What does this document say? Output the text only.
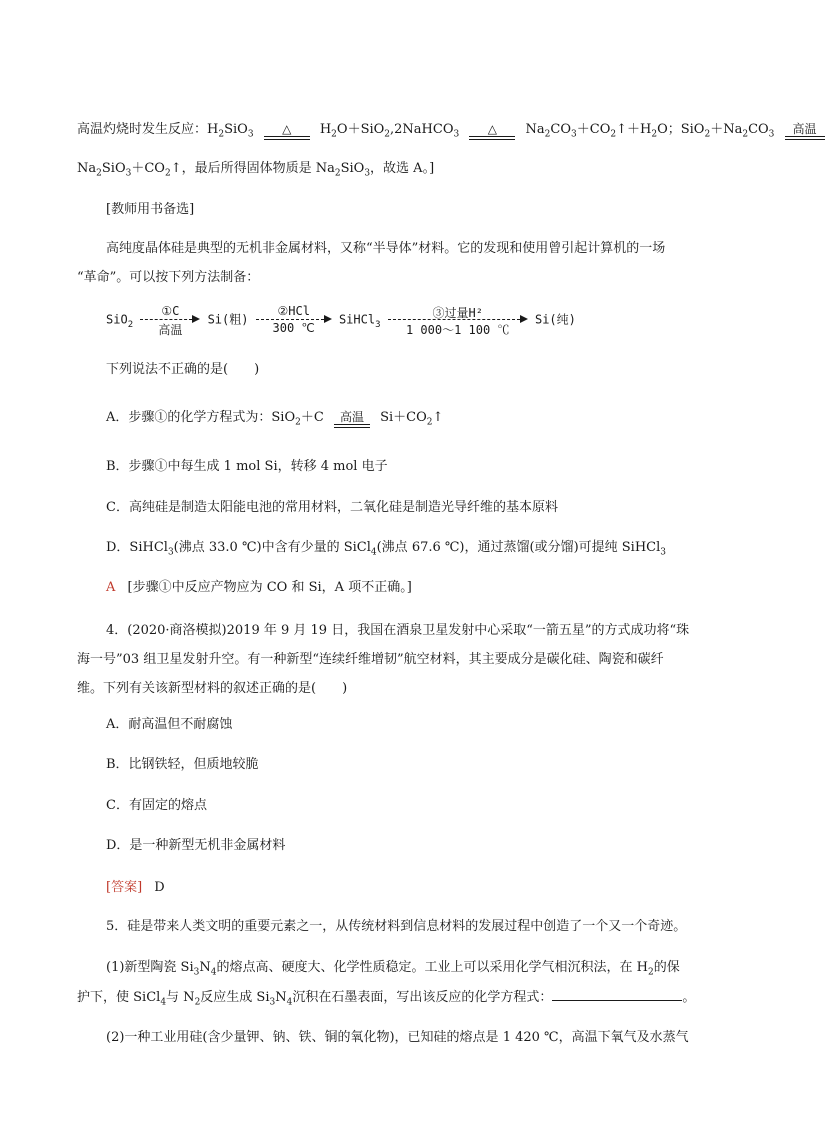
高温灼烧时发生反应：$H_2SiO_3$	△	$H_2O+SiO_2,2NaHCO_3$	△	$Na_2CO_3+CO_2↑+H_2O$；$SiO_2+Na_2CO_3$	高温
$Na_2SiO_3+CO_2↑$，最后所得固体物质是 $Na_2SiO_3$，故选 A。]
[教师用书备选]
高纯度晶体硅是典型的无机非金属材料，又称“半导体”材料。它的发现和使用曾引起计算机的一场
“革命”。可以按下列方法制备：
SiO$_2$
①C
高温
Si(粗)
②HCl
300 ℃
SiHCl$_3$
③过量H²
1 000～1 100 ℃
Si(纯)
下列说法不正确的是(　　)
A．步骤①的化学方程式为：SiO$_2$＋C	高温	$Si+CO_2↑$
B．步骤①中每生成 1 mol Si，转移 4 mol 电子
C．高纯硅是制造太阳能电池的常用材料，二氧化硅是制造光导纤维的基本原料
D．SiHCl$_3$(沸点 33.0 ℃)中含有少量的 SiCl$_4$(沸点 67.6 ℃)，通过蒸馏(或分馏)可提纯 SiHCl$_3$
A [步骤①中反应产物应为 CO 和 Si，A 项不正确。]
4．(2020·商洛模拟)2019 年 9 月 19 日，我国在酒泉卫星发射中心采取“一箭五星”的方式成功将“珠
海一号”03 组卫星发射升空。有一种新型“连续纤维增韧”航空材料，其主要成分是碳化硅、陶瓷和碳纤
维。下列有关该新型材料的叙述正确的是(　　)
A．耐高温但不耐腐蚀
B．比钢铁轻，但质地较脆
C．有固定的熔点
D．是一种新型无机非金属材料
[答案] D
5．硅是带来人类文明的重要元素之一，从传统材料到信息材料的发展过程中创造了一个又一个奇迹。
(1)新型陶瓷 $Si_3N_4$的熔点高、硬度大、化学性质稳定。工业上可以采用化学气相沉积法，在 $H_2$的保
护下，使 SiCl$_4$与 $N_2$反应生成 $Si_3N_4$沉积在石墨表面，写出该反应的化学方程式：	。
(2)一种工业用硅(含少量钾、钠、铁、铜的氧化物)，已知硅的熔点是 1 420 ℃，高温下氧气及水蒸气
